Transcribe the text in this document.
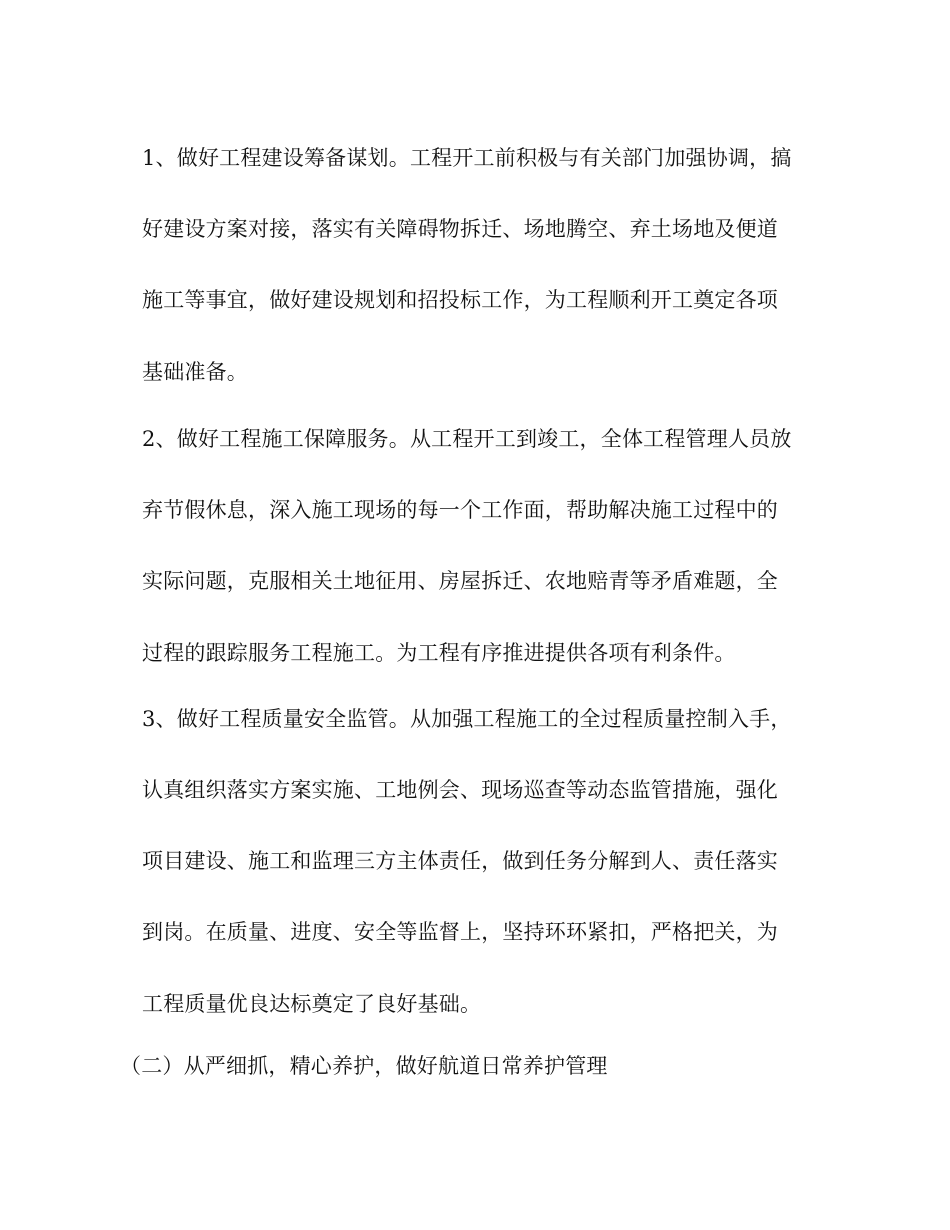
1、做好工程建设筹备谋划。工程开工前积极与有关部门加强协调，搞
好建设方案对接，落实有关障碍物拆迁、场地腾空、弃土场地及便道
施工等事宜，做好建设规划和招投标工作，为工程顺利开工奠定各项
基础准备。
2、做好工程施工保障服务。从工程开工到竣工，全体工程管理人员放
弃节假休息，深入施工现场的每一个工作面，帮助解决施工过程中的
实际问题，克服相关土地征用、房屋拆迁、农地赔青等矛盾难题，全
过程的跟踪服务工程施工。为工程有序推进提供各项有利条件。
3、做好工程质量安全监管。从加强工程施工的全过程质量控制入手，
认真组织落实方案实施、工地例会、现场巡查等动态监管措施，强化
项目建设、施工和监理三方主体责任，做到任务分解到人、责任落实
到岗。在质量、进度、安全等监督上，坚持环环紧扣，严格把关，为
工程质量优良达标奠定了良好基础。
（二）从严细抓，精心养护，做好航道日常养护管理
